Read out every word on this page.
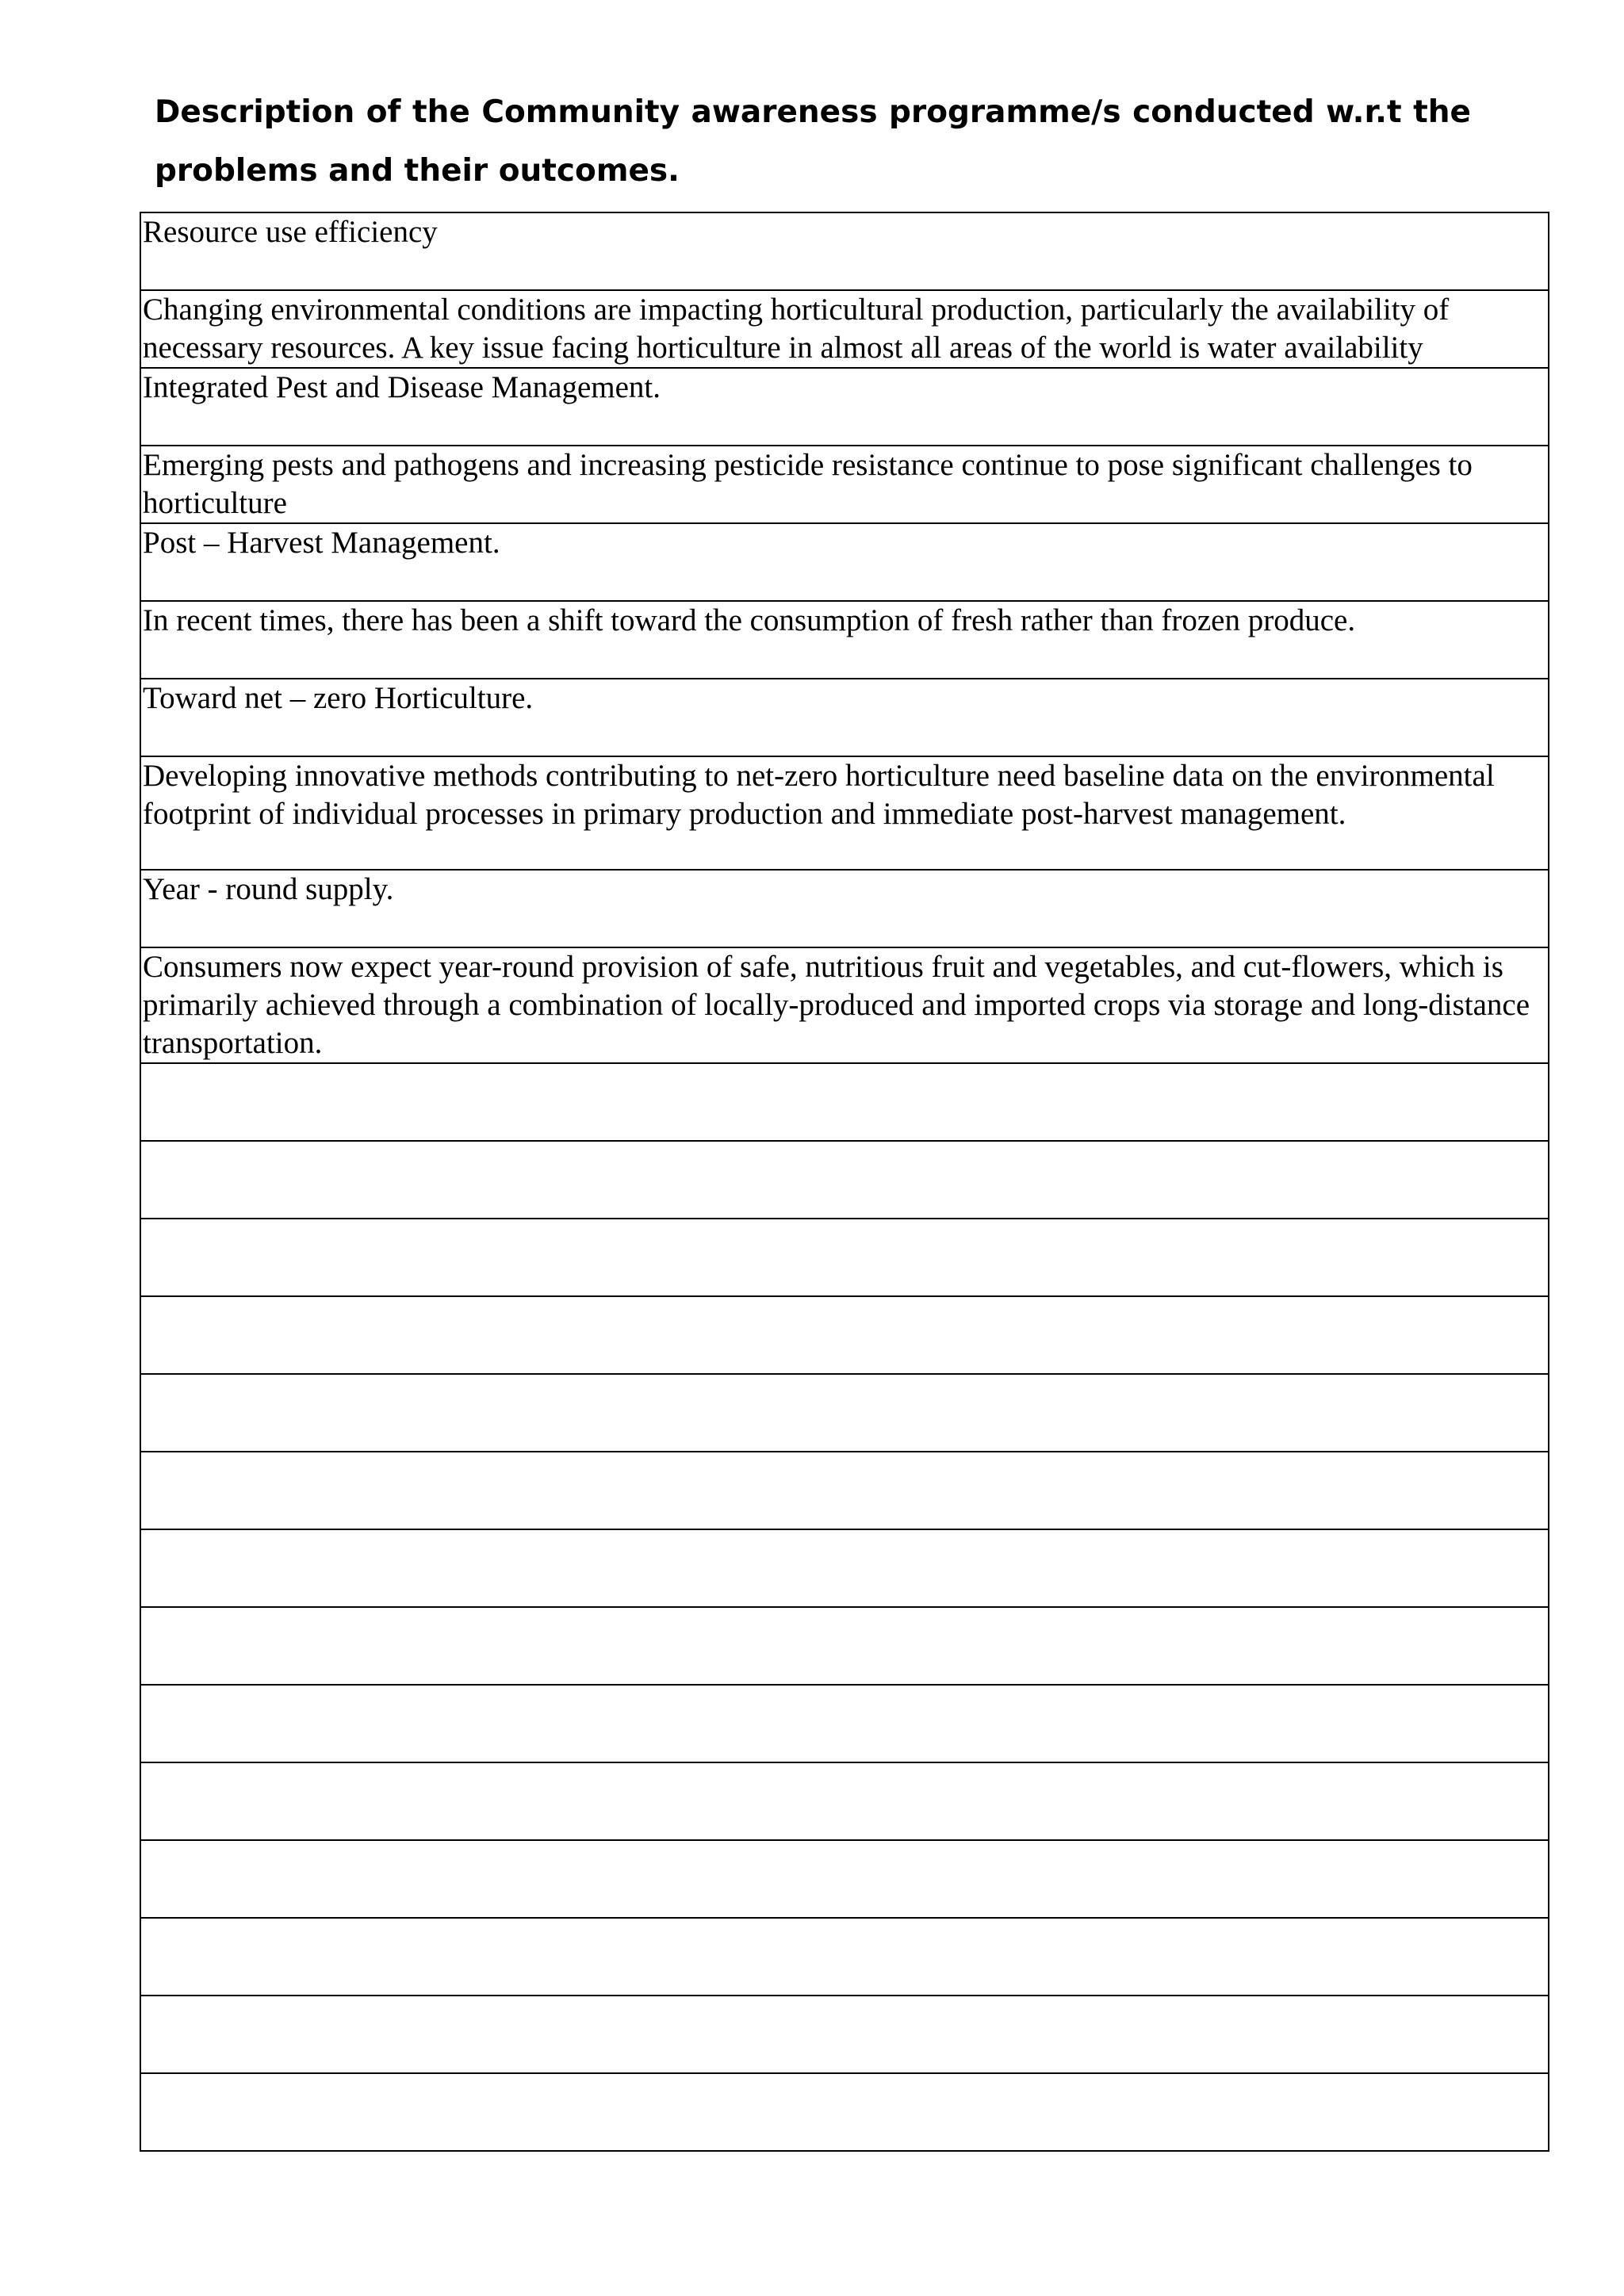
Description of the Community awareness programme/s conducted w.r.t the problems and their outcomes.

Resource use efficiency
Changing environmental conditions are impacting horticultural production, particularly the availability of necessary resources. A key issue facing horticulture in almost all areas of the world is water availability
Integrated Pest and Disease Management.
Emerging pests and pathogens and increasing pesticide resistance continue to pose significant challenges to horticulture
Post – Harvest Management.
In recent times, there has been a shift toward the consumption of fresh rather than frozen produce.
Toward net – zero Horticulture.
Developing innovative methods contributing to net-zero horticulture need baseline data on the environmental footprint of individual processes in primary production and immediate post-harvest management.
Year - round supply.
Consumers now expect year-round provision of safe, nutritious fruit and vegetables, and cut-flowers, which is primarily achieved through a combination of locally-produced and imported crops via storage and long-distance transportation.
